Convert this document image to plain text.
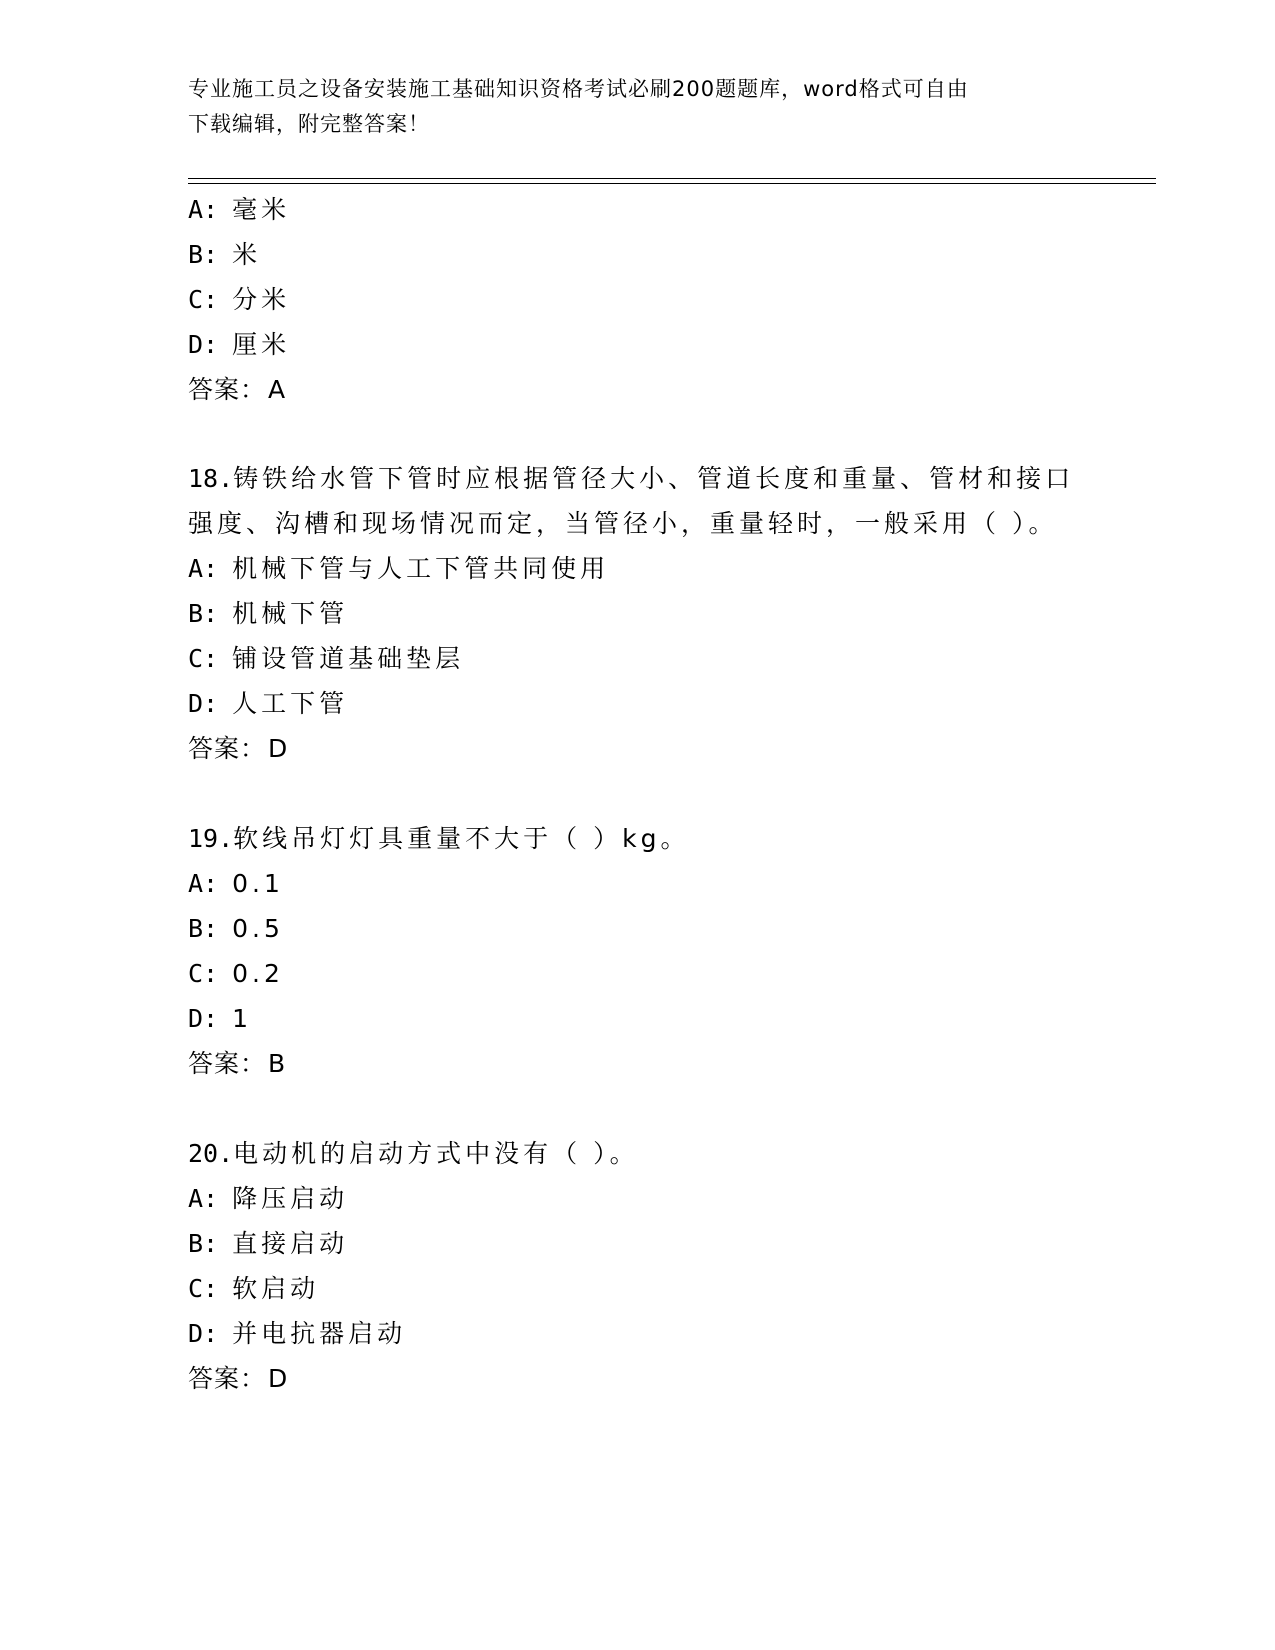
专业施工员之设备安装施工基础知识资格考试必刷200题题库，word格式可自由
下载编辑，附完整答案！
A: 毫米
B: 米
C: 分米
D: 厘米
答案：A
18.铸铁给水管下管时应根据管径大小、管道长度和重量、管材和接口
强度、沟槽和现场情况而定，当管径小，重量轻时，一般采用（ ）。
A: 机械下管与人工下管共同使用
B: 机械下管
C: 铺设管道基础垫层
D: 人工下管
答案：D
19.软线吊灯灯具重量不大于（ ）kg。
A: 0.1
B: 0.5
C: 0.2
D: 1
答案：B
20.电动机的启动方式中没有（ ）。
A: 降压启动
B: 直接启动
C: 软启动
D: 并电抗器启动
答案：D
